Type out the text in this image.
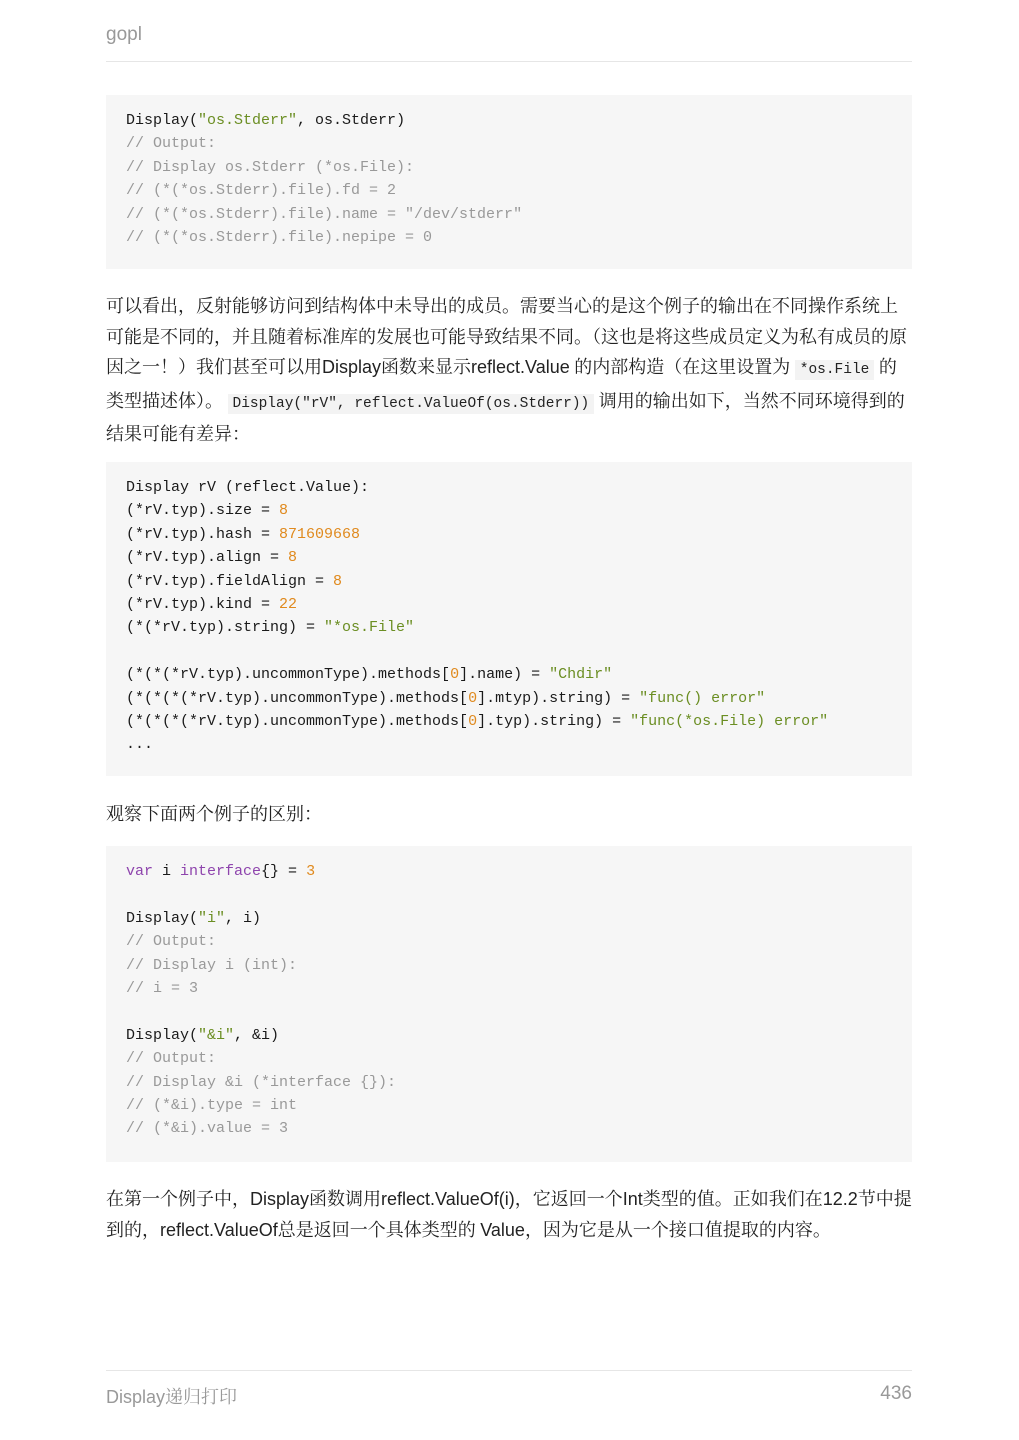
gopl
Display("os.Stderr", os.Stderr)
// Output:
// Display os.Stderr (*os.File):
// (*(*os.Stderr).file).fd = 2
// (*(*os.Stderr).file).name = "/dev/stderr"
// (*(*os.Stderr).file).nepipe = 0
可以看出，反射能够访问到结构体中未导出的成员。需要当心的是这个例子的输出在不同操作系统上可能是不同的，并且随着标准库的发展也可能导致结果不同。（这也是将这些成员定义为私有成员的原因之一！）我们甚至可以用Display函数来显示reflect.Value 的内部构造（在这里设置为 *os.File 的类型描述体）。 Display("rV", reflect.ValueOf(os.Stderr)) 调用的输出如下，当然不同环境得到的结果可能有差异：
Display rV (reflect.Value):
(*rV.typ).size = 8
(*rV.typ).hash = 871609668
(*rV.typ).align = 8
(*rV.typ).fieldAlign = 8
(*rV.typ).kind = 22
(*(*rV.typ).string) = "*os.File"
(*(*(*rV.typ).uncommonType).methods[0].name) = "Chdir"
(*(*(*(*rV.typ).uncommonType).methods[0].mtyp).string) = "func() error"
(*(*(*(*rV.typ).uncommonType).methods[0].typ).string) = "func(*os.File) error"
...
观察下面两个例子的区别：
var i interface{} = 3
Display("i", i)
// Output:
// Display i (int):
// i = 3
Display("&i", &i)
// Output:
// Display &i (*interface {}):
// (*&i).type = int
// (*&i).value = 3
在第一个例子中，Display函数调用reflect.ValueOf(i)，它返回一个Int类型的值。正如我们在12.2节中提到的，reflect.ValueOf总是返回一个具体类型的 Value，因为它是从一个接口值提取的内容。
Display递归打印	436
